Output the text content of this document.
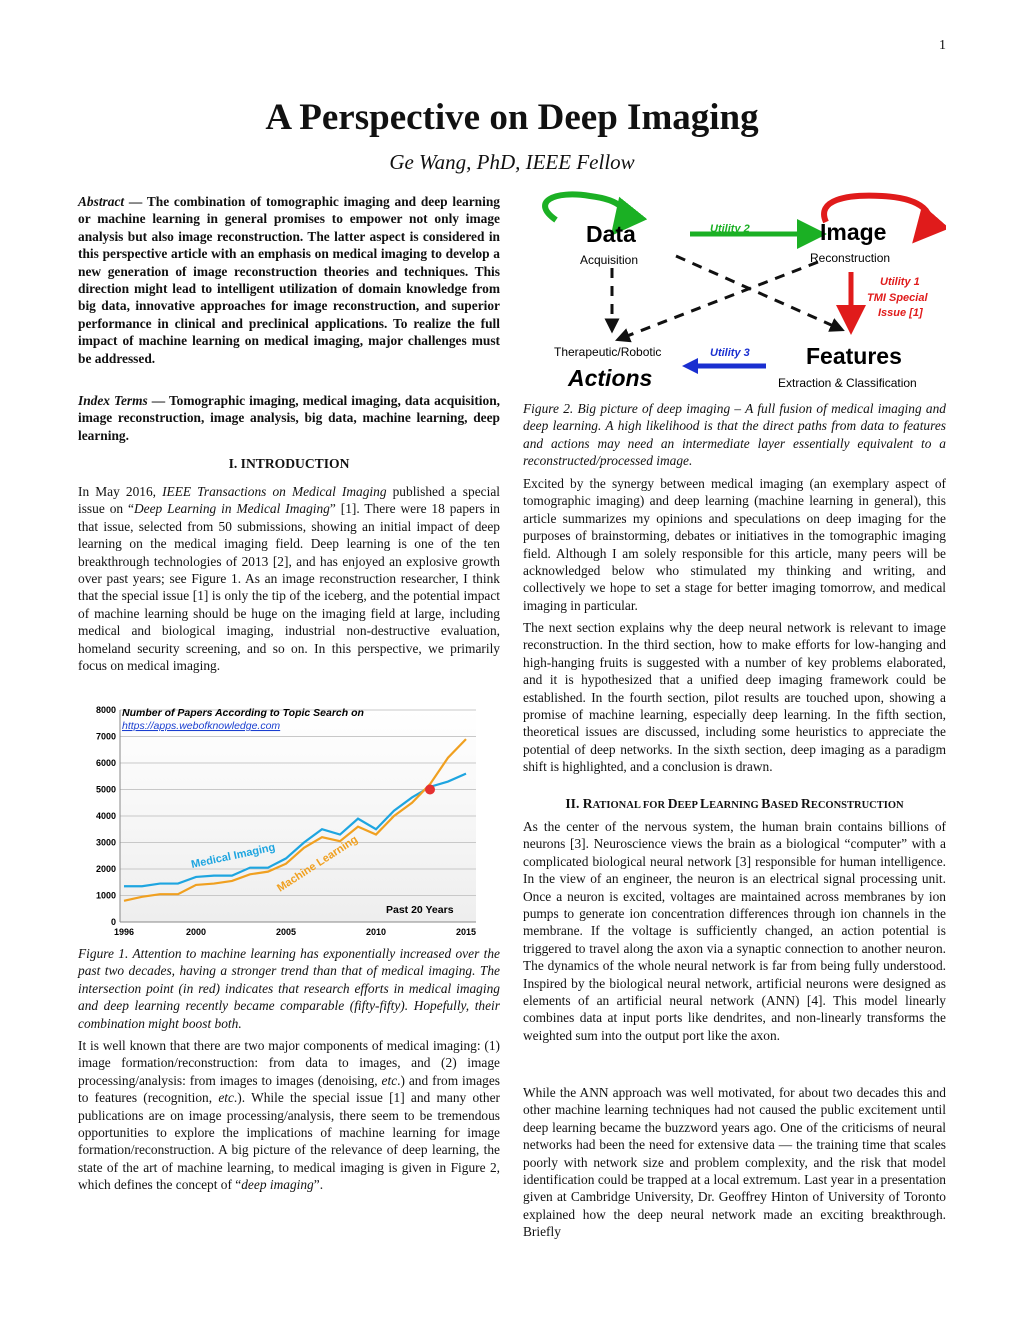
1
A Perspective on Deep Imaging
Ge Wang, PhD, IEEE Fellow
Abstract — The combination of tomographic imaging and deep learning or machine learning in general promises to empower not only image analysis but also image reconstruction. The latter aspect is considered in this perspective article with an emphasis on medical imaging to develop a new generation of image reconstruction theories and techniques. This direction might lead to intelligent utilization of domain knowledge from big data, innovative approaches for image reconstruction, and superior performance in clinical and preclinical applications. To realize the full impact of machine learning on medical imaging, major challenges must be addressed.
Index Terms — Tomographic imaging, medical imaging, data acquisition, image reconstruction, image analysis, big data, machine learning, deep learning.
I. INTRODUCTION
In May 2016, IEEE Transactions on Medical Imaging published a special issue on “Deep Learning in Medical Imaging” [1]. There were 18 papers in that issue, selected from 50 submissions, showing an initial impact of deep learning on the medical imaging field. Deep learning is one of the ten breakthrough technologies of 2013 [2], and has enjoyed an explosive growth over past years; see Figure 1. As an image reconstruction researcher, I think that the special issue [1] is only the tip of the iceberg, and the potential impact of machine learning should be huge on the imaging field at large, including medical and biological imaging, industrial non-destructive evaluation, homeland security screening, and so on. In this perspective, we primarily focus on medical imaging.
0
1000
2000
3000
4000
5000
6000
7000
8000
1996	2000	2005	2010	2015
Number of Papers According to Topic Search on
https://apps.webofknowledge.com
Past 20 Years
Medical Imaging
Machine Learning
Figure 1. Attention to machine learning has exponentially increased over the past two decades, having a stronger trend than that of medical imaging. The intersection point (in red) indicates that research efforts in medical imaging and deep learning recently became comparable (fifty-fifty). Hopefully, their combination might boost both.
It is well known that there are two major components of medical imaging: (1) image formation/reconstruction: from data to images, and (2) image processing/analysis: from images to images (denoising, etc.) and from images to features (recognition, etc.). While the special issue [1] and many other publications are on image processing/analysis, there seem to be tremendous opportunities to explore the implications of machine learning for image formation/reconstruction. A big picture of the relevance of deep learning, the state of the art of machine learning, to medical imaging is given in Figure 2, which defines the concept of “deep imaging”.
Data
Acquisition
Image
Reconstruction
Features
Extraction & Classification
Actions
Therapeutic/Robotic
Utility 2
Utility 1
TMI Special
Issue [1]
Utility 3
Figure 2. Big picture of deep imaging – A full fusion of medical imaging and deep learning. A high likelihood is that the direct paths from data to features and actions may need an intermediate layer essentially equivalent to a reconstructed/processed image.
Excited by the synergy between medical imaging (an exemplary aspect of tomographic imaging) and deep learning (machine learning in general), this article summarizes my opinions and speculations on deep imaging for the purposes of brainstorming, debates or initiatives in the tomographic imaging field. Although I am solely responsible for this article, many peers will be acknowledged below who stimulated my thinking and writing, and collectively we hope to set a stage for better imaging tomorrow, and medical imaging in particular.
The next section explains why the deep neural network is relevant to image reconstruction. In the third section, how to make efforts for low-hanging and high-hanging fruits is suggested with a number of key problems elaborated, and it is hypothesized that a unified deep imaging framework could be established. In the fourth section, pilot results are touched upon, showing a promise of machine learning, especially deep learning. In the fifth section, theoretical issues are discussed, including some heuristics to appreciate the potential of deep networks. In the sixth section, deep imaging as a paradigm shift is highlighted, and a conclusion is drawn.
II. RATIONAL FOR DEEP LEARNING BASED RECONSTRUCTION
As the center of the nervous system, the human brain contains billions of neurons [3]. Neuroscience views the brain as a biological “computer” with a complicated biological neural network [3] responsible for human intelligence. In the view of an engineer, the neuron is an electrical signal processing unit. Once a neuron is excited, voltages are maintained across membranes by ion pumps to generate ion concentration differences through ion channels in the membrane. If the voltage is sufficiently changed, an action potential is triggered to travel along the axon via a synaptic connection to another neuron. The dynamics of the whole neural network is far from being fully understood. Inspired by the biological neural network, artificial neurons were designed as elements of an artificial neural network (ANN) [4]. This model linearly combines data at input ports like dendrites, and non-linearly transforms the weighted sum into the output port like the axon.
While the ANN approach was well motivated, for about two decades this and other machine learning techniques had not caused the public excitement until deep learning became the buzzword years ago. One of the criticisms of neural networks had been the need for extensive data — the training time that scales poorly with network size and problem complexity, and the risk that model identification could be trapped at a local extremum. Last year in a presentation given at Cambridge University, Dr. Geoffrey Hinton of University of Toronto explained how the deep neural network made an exciting breakthrough. Briefly
